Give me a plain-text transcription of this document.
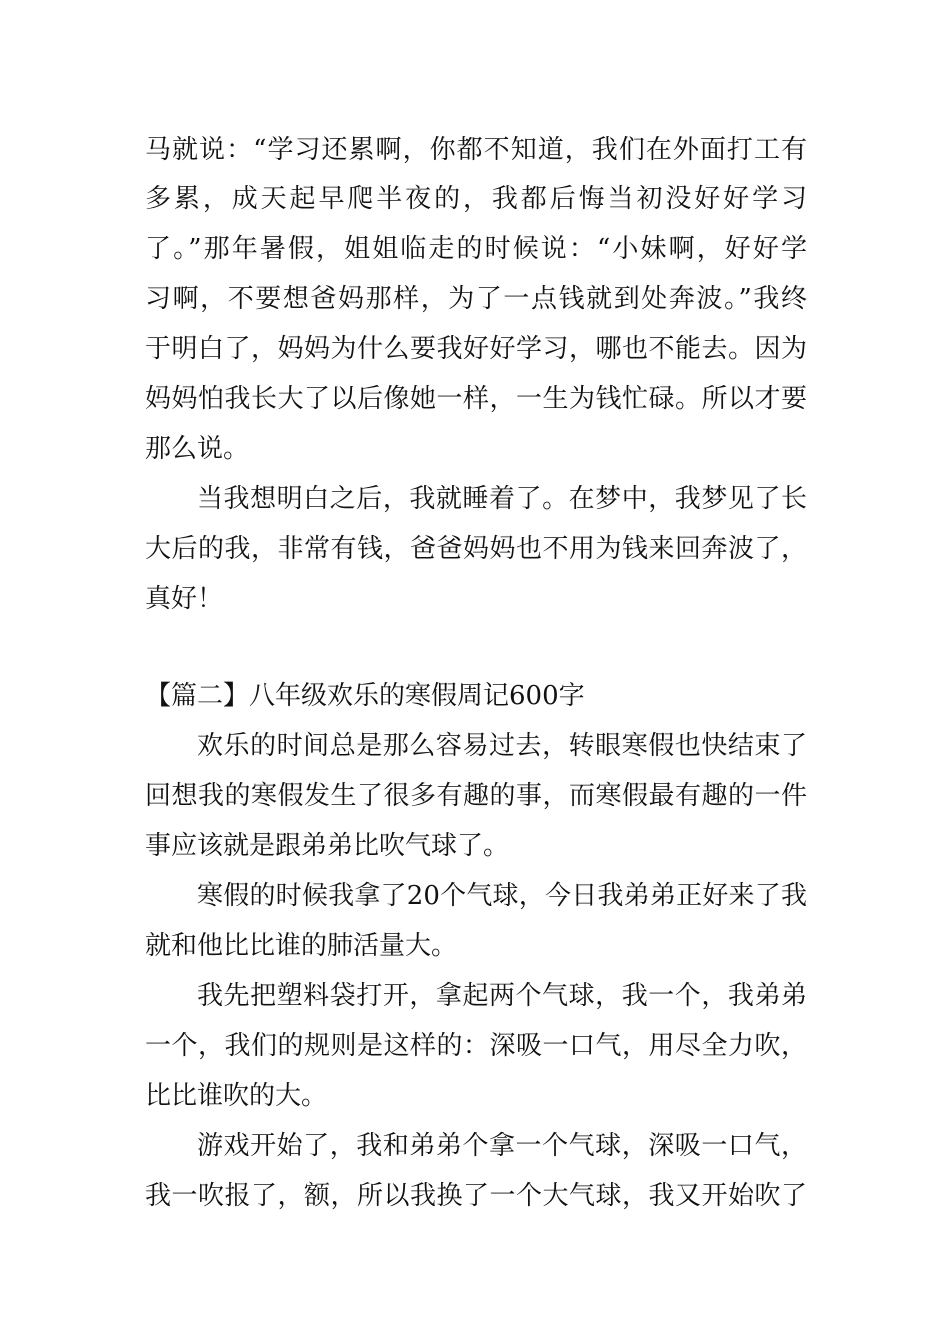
马就说：“学习还累啊，你都不知道，我们在外面打工有
多累，成天起早爬半夜的，我都后悔当初没好好学习
了。”那年暑假，姐姐临走的时候说：“小妹啊，好好学
习啊，不要想爸妈那样，为了一点钱就到处奔波。”我终
于明白了，妈妈为什么要我好好学习，哪也不能去。因为
妈妈怕我长大了以后像她一样，一生为钱忙碌。所以才要
那么说。
当我想明白之后，我就睡着了。在梦中，我梦见了长
大后的我，非常有钱，爸爸妈妈也不用为钱来回奔波了，
真好！
【篇二】八年级欢乐的寒假周记600字
欢乐的时间总是那么容易过去，转眼寒假也快结束了
回想我的寒假发生了很多有趣的事，而寒假最有趣的一件
事应该就是跟弟弟比吹气球了。
寒假的时候我拿了20个气球，今日我弟弟正好来了我
就和他比比谁的肺活量大。
我先把塑料袋打开，拿起两个气球，我一个，我弟弟
一个，我们的规则是这样的：深吸一口气，用尽全力吹，
比比谁吹的大。
游戏开始了，我和弟弟个拿一个气球，深吸一口气，
我一吹报了，额，所以我换了一个大气球，我又开始吹了
